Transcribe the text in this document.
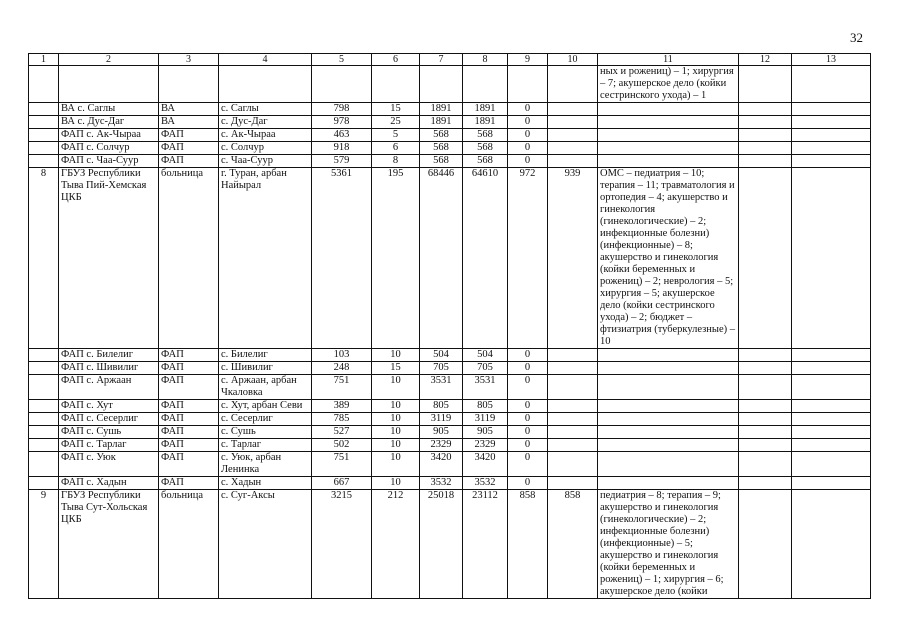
32
1	2	3	4	5	6	7	8	9	10	11	12	13
										ных и рожениц) – 1; хирургия – 7; акушерское дело (койки сестринского ухода) – 1		
	ВА с. Саглы	ВА	с. Саглы	798	15	1891	1891	0				
	ВА с. Дус-Даг	ВА	с. Дус-Даг	978	25	1891	1891	0				
	ФАП с. Ак-Чыраа	ФАП	с. Ак-Чыраа	463	5	568	568	0				
	ФАП с. Солчур	ФАП	с. Солчур	918	6	568	568	0				
	ФАП с. Чаа-Суур	ФАП	с. Чаа-Суур	579	8	568	568	0				
8	ГБУЗ Республики Тыва Пий-Хемская ЦКБ	больница	г. Туран, арбан Найырал	5361	195	68446	64610	972	939	ОМС – педиатрия – 10; терапия – 11; травматология и ортопедия – 4; акушерство и гинекология (гинекологические) – 2; инфекционные болезни) (инфекционные) – 8; акушерство и гинекология (койки беременных и рожениц) – 2; неврология – 5; хирургия – 5; акушерское дело (койки сестринского ухода) – 2; бюджет – фтизиатрия (туберкулезные) – 10		
	ФАП с. Билелиг	ФАП	с. Билелиг	103	10	504	504	0				
	ФАП с. Шивилиг	ФАП	с. Шивилиг	248	15	705	705	0				
	ФАП с. Аржаан	ФАП	с. Аржаан, арбан Чкаловка	751	10	3531	3531	0				
	ФАП с. Хут	ФАП	с. Хут, арбан Севи	389	10	805	805	0				
	ФАП с. Сесерлиг	ФАП	с. Сесерлиг	785	10	3119	3119	0				
	ФАП с. Сушь	ФАП	с. Сушь	527	10	905	905	0				
	ФАП с. Тарлаг	ФАП	с. Тарлаг	502	10	2329	2329	0				
	ФАП с. Уюк	ФАП	с. Уюк, арбан Ленинка	751	10	3420	3420	0				
	ФАП с. Хадын	ФАП	с. Хадын	667	10	3532	3532	0				
9	ГБУЗ Республики Тыва Сут-Хольская ЦКБ	больница	с. Суг-Аксы	3215	212	25018	23112	858	858	педиатрия – 8; терапия – 9; акушерство и гинекология (гинекологические) – 2; инфекционные болезни) (инфекционные) – 5; акушерство и гинекология (койки беременных и рожениц) – 1; хирургия – 6; акушерское дело (койки		
